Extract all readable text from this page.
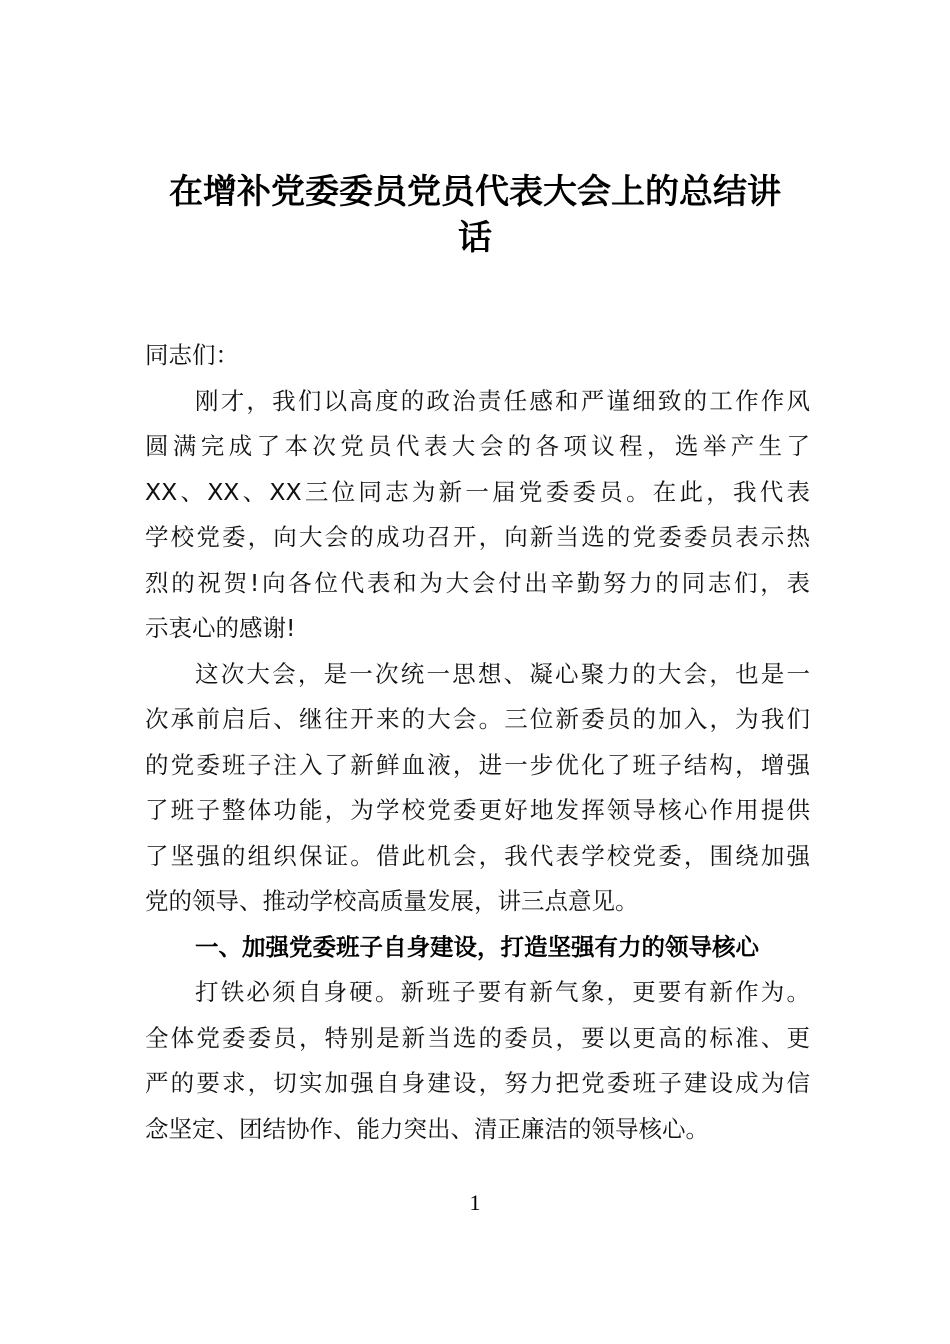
在增补党委委员党员代表大会上的总结讲
话
同志们：
刚才，我们以高度的政治责任感和严谨细致的工作作风
圆满完成了本次党员代表大会的各项议程，选举产生了
XX、XX、XX三位同志为新一届党委委员。在此，我代表
学校党委，向大会的成功召开，向新当选的党委委员表示热
烈的祝贺!向各位代表和为大会付出辛勤努力的同志们，表
示衷心的感谢!
这次大会，是一次统一思想、凝心聚力的大会，也是一
次承前启后、继往开来的大会。三位新委员的加入，为我们
的党委班子注入了新鲜血液，进一步优化了班子结构，增强
了班子整体功能，为学校党委更好地发挥领导核心作用提供
了坚强的组织保证。借此机会，我代表学校党委，围绕加强
党的领导、推动学校高质量发展，讲三点意见。
一、加强党委班子自身建设，打造坚强有力的领导核心
打铁必须自身硬。新班子要有新气象，更要有新作为。
全体党委委员，特别是新当选的委员，要以更高的标准、更
严的要求，切实加强自身建设，努力把党委班子建设成为信
念坚定、团结协作、能力突出、清正廉洁的领导核心。
1
